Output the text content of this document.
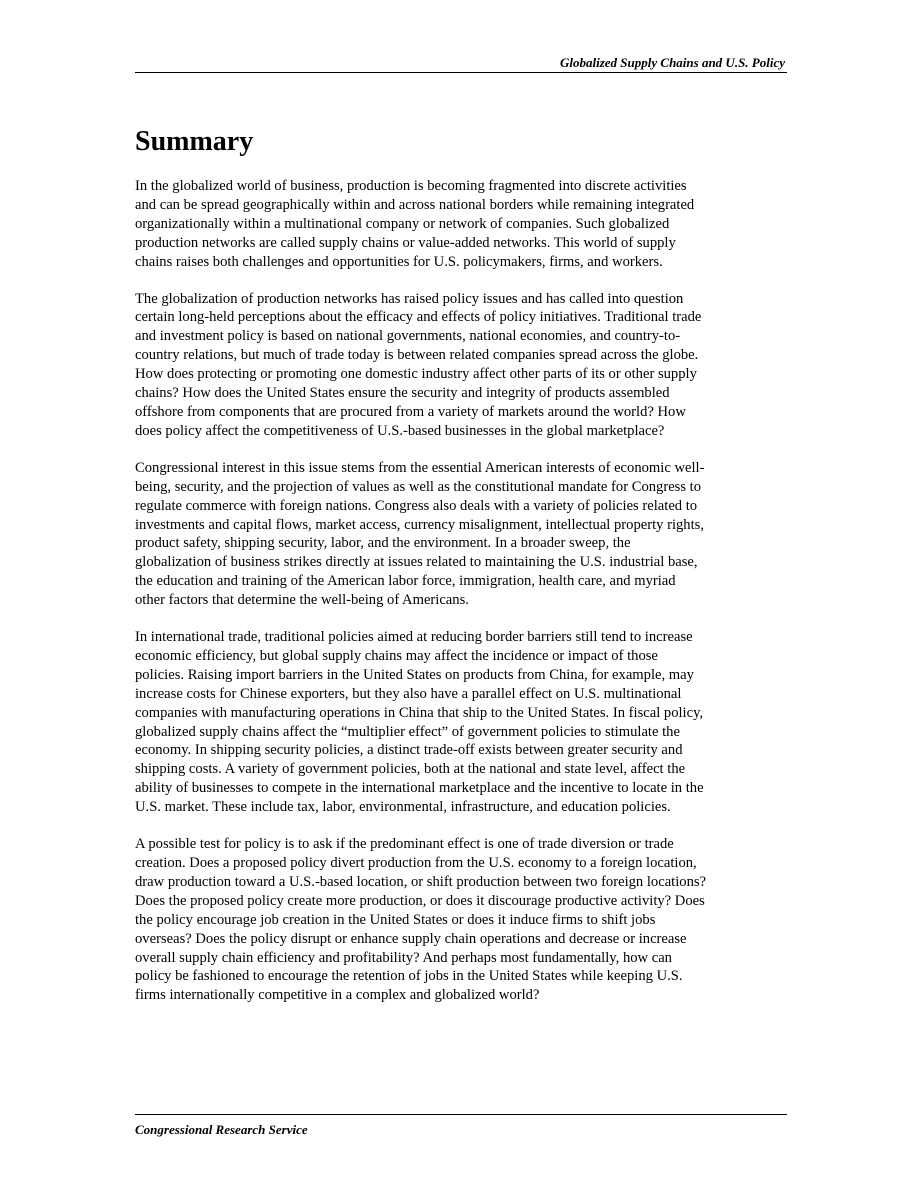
Globalized Supply Chains and U.S. Policy
Summary

In the globalized world of business, production is becoming fragmented into discrete activities
and can be spread geographically within and across national borders while remaining integrated
organizationally within a multinational company or network of companies. Such globalized
production networks are called supply chains or value-added networks. This world of supply
chains raises both challenges and opportunities for U.S. policymakers, firms, and workers.

The globalization of production networks has raised policy issues and has called into question
certain long-held perceptions about the efficacy and effects of policy initiatives. Traditional trade
and investment policy is based on national governments, national economies, and country-to-
country relations, but much of trade today is between related companies spread across the globe.
How does protecting or promoting one domestic industry affect other parts of its or other supply
chains? How does the United States ensure the security and integrity of products assembled
offshore from components that are procured from a variety of markets around the world? How
does policy affect the competitiveness of U.S.-based businesses in the global marketplace?

Congressional interest in this issue stems from the essential American interests of economic well-
being, security, and the projection of values as well as the constitutional mandate for Congress to
regulate commerce with foreign nations. Congress also deals with a variety of policies related to
investments and capital flows, market access, currency misalignment, intellectual property rights,
product safety, shipping security, labor, and the environment. In a broader sweep, the
globalization of business strikes directly at issues related to maintaining the U.S. industrial base,
the education and training of the American labor force, immigration, health care, and myriad
other factors that determine the well-being of Americans.

In international trade, traditional policies aimed at reducing border barriers still tend to increase
economic efficiency, but global supply chains may affect the incidence or impact of those
policies. Raising import barriers in the United States on products from China, for example, may
increase costs for Chinese exporters, but they also have a parallel effect on U.S. multinational
companies with manufacturing operations in China that ship to the United States. In fiscal policy,
globalized supply chains affect the “multiplier effect” of government policies to stimulate the
economy. In shipping security policies, a distinct trade-off exists between greater security and
shipping costs. A variety of government policies, both at the national and state level, affect the
ability of businesses to compete in the international marketplace and the incentive to locate in the
U.S. market. These include tax, labor, environmental, infrastructure, and education policies.

A possible test for policy is to ask if the predominant effect is one of trade diversion or trade
creation. Does a proposed policy divert production from the U.S. economy to a foreign location,
draw production toward a U.S.-based location, or shift production between two foreign locations?
Does the proposed policy create more production, or does it discourage productive activity? Does
the policy encourage job creation in the United States or does it induce firms to shift jobs
overseas? Does the policy disrupt or enhance supply chain operations and decrease or increase
overall supply chain efficiency and profitability? And perhaps most fundamentally, how can
policy be fashioned to encourage the retention of jobs in the United States while keeping U.S.
firms internationally competitive in a complex and globalized world?

Congressional Research Service
